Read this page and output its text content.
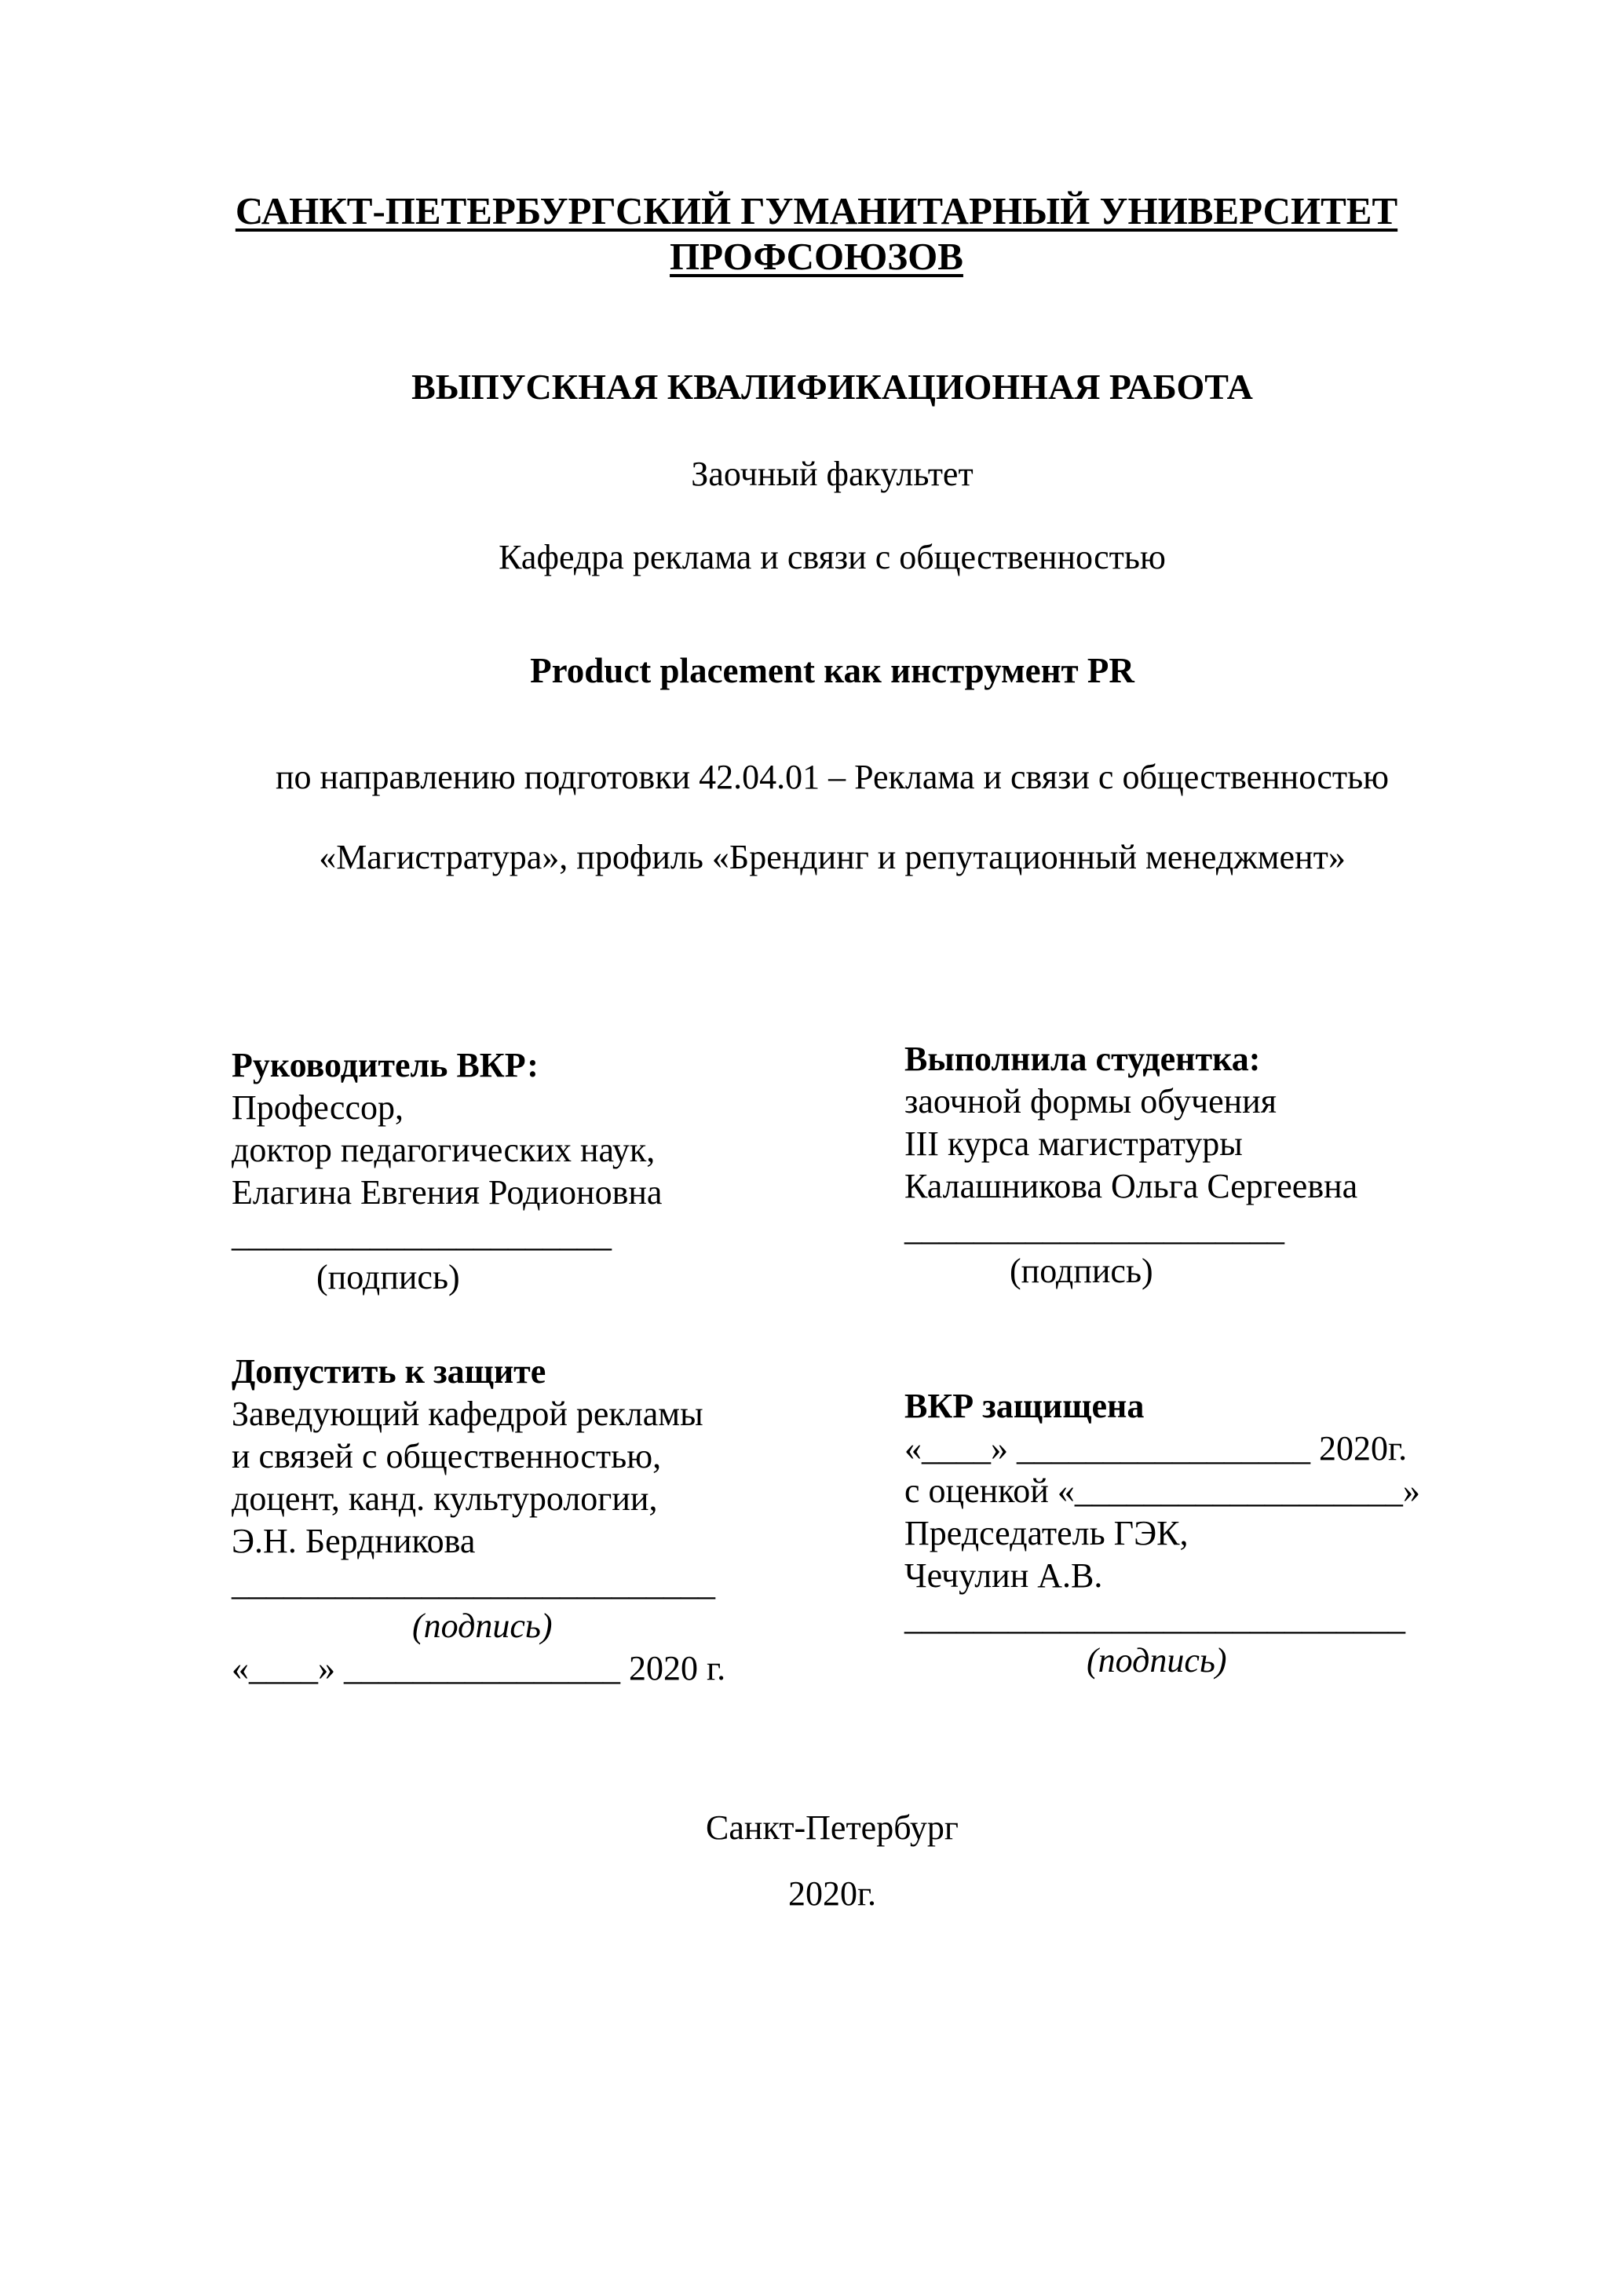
САНКТ-ПЕТЕРБУРГСКИЙ ГУМАНИТАРНЫЙ УНИВЕРСИТЕТ
ПРОФСОЮЗОВ
ВЫПУСКНАЯ КВАЛИФИКАЦИОННАЯ РАБОТА
Заочный факультет
Кафедра реклама и связи с общественностью
Product placement как инструмент PR
по направлению подготовки 42.04.01 – Реклама и связи с общественностью
«Магистратура», профиль «Брендинг и репутационный менеджмент»
Руководитель ВКР:
Профессор,
доктор педагогических наук,
Елагина Евгения Родионовна
______________________
(подпись)
Выполнила студентка:
заочной формы обучения
III курса магистратуры
Калашникова Ольга Сергеевна
______________________
(подпись)
Допустить к защите
Заведующий кафедрой рекламы
и связей с общественностью,
доцент, канд. культурологии,
Э.Н. Бердникова
____________________________
(подпись)
«____» ________________ 2020 г.
ВКР защищена
«____» _________________ 2020г.
с оценкой «___________________»
Председатель ГЭК,
Чечулин А.В.
_____________________________
(подпись)
Санкт-Петербург
2020г.
